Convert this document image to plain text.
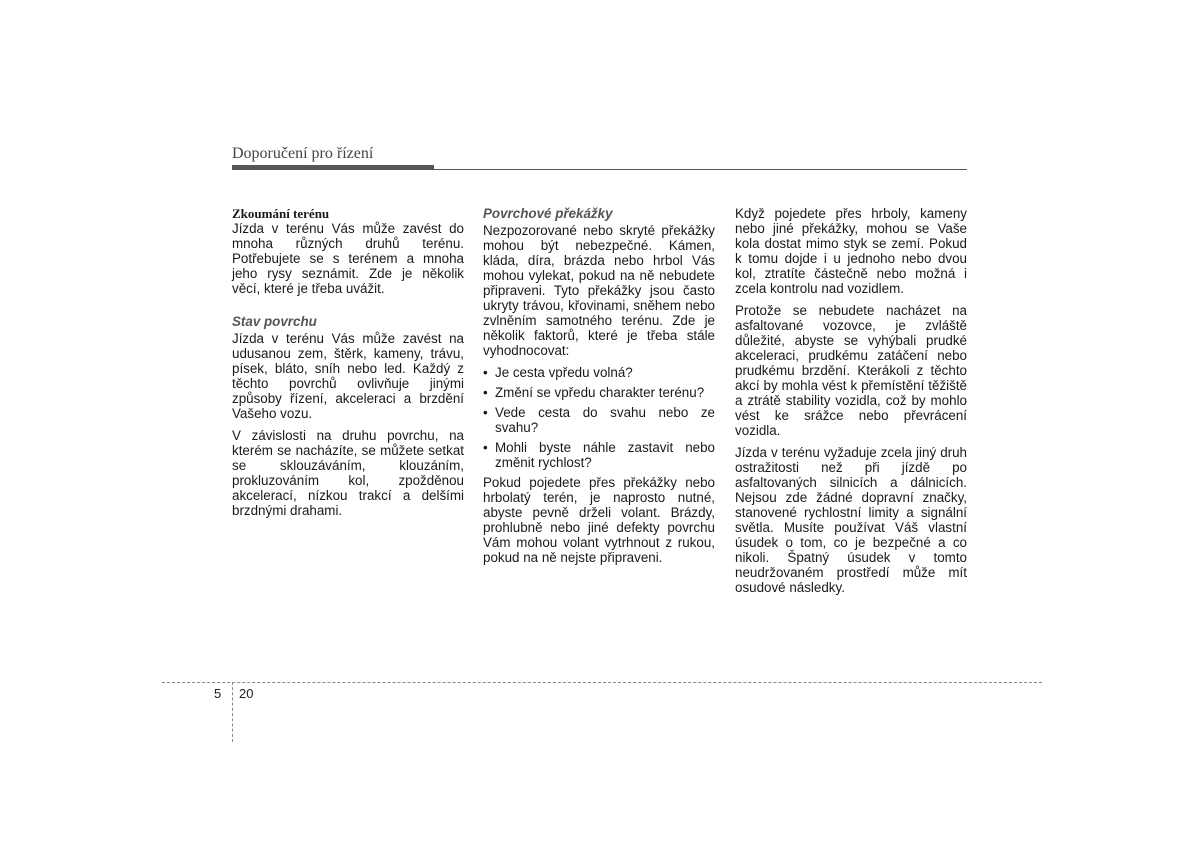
Doporučení pro řízení
Zkoumání terénu

Jízda v terénu Vás může zavést do mnoha různých druhů terénu. Potřebujete se s terénem a mnoha jeho rysy seznámit. Zde je několik věcí, které je třeba uvážit.

Stav povrchu

Jízda v terénu Vás může zavést na udusanou zem, štěrk, kameny, trávu, písek, bláto, sníh nebo led. Každý z těchto povrchů ovlivňuje jinými způsoby řízení, akceleraci a brzdění Vašeho vozu.

V závislosti na druhu povrchu, na kterém se nacházíte, se můžete setkat se sklouzáváním, klouzáním, prokluzováním kol, zpožděnou akcelerací, nízkou trakcí a delšími brzdnými drahami.

Povrchové překážky

Nezpozorované nebo skryté překážky mohou být nebezpečné. Kámen, kláda, díra, brázda nebo hrbol Vás mohou vylekat, pokud na ně nebudete připraveni. Tyto překážky jsou často ukryty trávou, křovinami, sněhem nebo zvlněním samotného terénu. Zde je několik faktorů, které je třeba stále vyhodnocovat:

• Je cesta vpředu volná?
• Změní se vpředu charakter terénu?
• Vede cesta do svahu nebo ze svahu?
• Mohli byste náhle zastavit nebo změnit rychlost?

Pokud pojedete přes překážky nebo hrbolatý terén, je naprosto nutné, abyste pevně drželi volant. Brázdy, prohlubně nebo jiné defekty povrchu Vám mohou volant vytrhnout z rukou, pokud na ně nejste připraveni.

Když pojedete přes hrboly, kameny nebo jiné překážky, mohou se Vaše kola dostat mimo styk se zemí. Pokud k tomu dojde i u jednoho nebo dvou kol, ztratíte částečně nebo možná i zcela kontrolu nad vozidlem.

Protože se nebudete nacházet na asfaltované vozovce, je zvláště důležité, abyste se vyhýbali prudké akceleraci, prudkému zatáčení nebo prudkému brzdění. Kterákoli z těchto akcí by mohla vést k přemístění těžiště a ztrátě stability vozidla, což by mohlo vést ke srážce nebo převrácení vozidla.

Jízda v terénu vyžaduje zcela jiný druh ostražitosti než při jízdě po asfaltovaných silnicích a dálnicích. Nejsou zde žádné dopravní značky, stanovené rychlostní limity a signální světla. Musíte používat Váš vlastní úsudek o tom, co je bezpečné a co nikoli. Špatný úsudek v tomto neudržovaném prostředí může mít osudové následky.

5 20
